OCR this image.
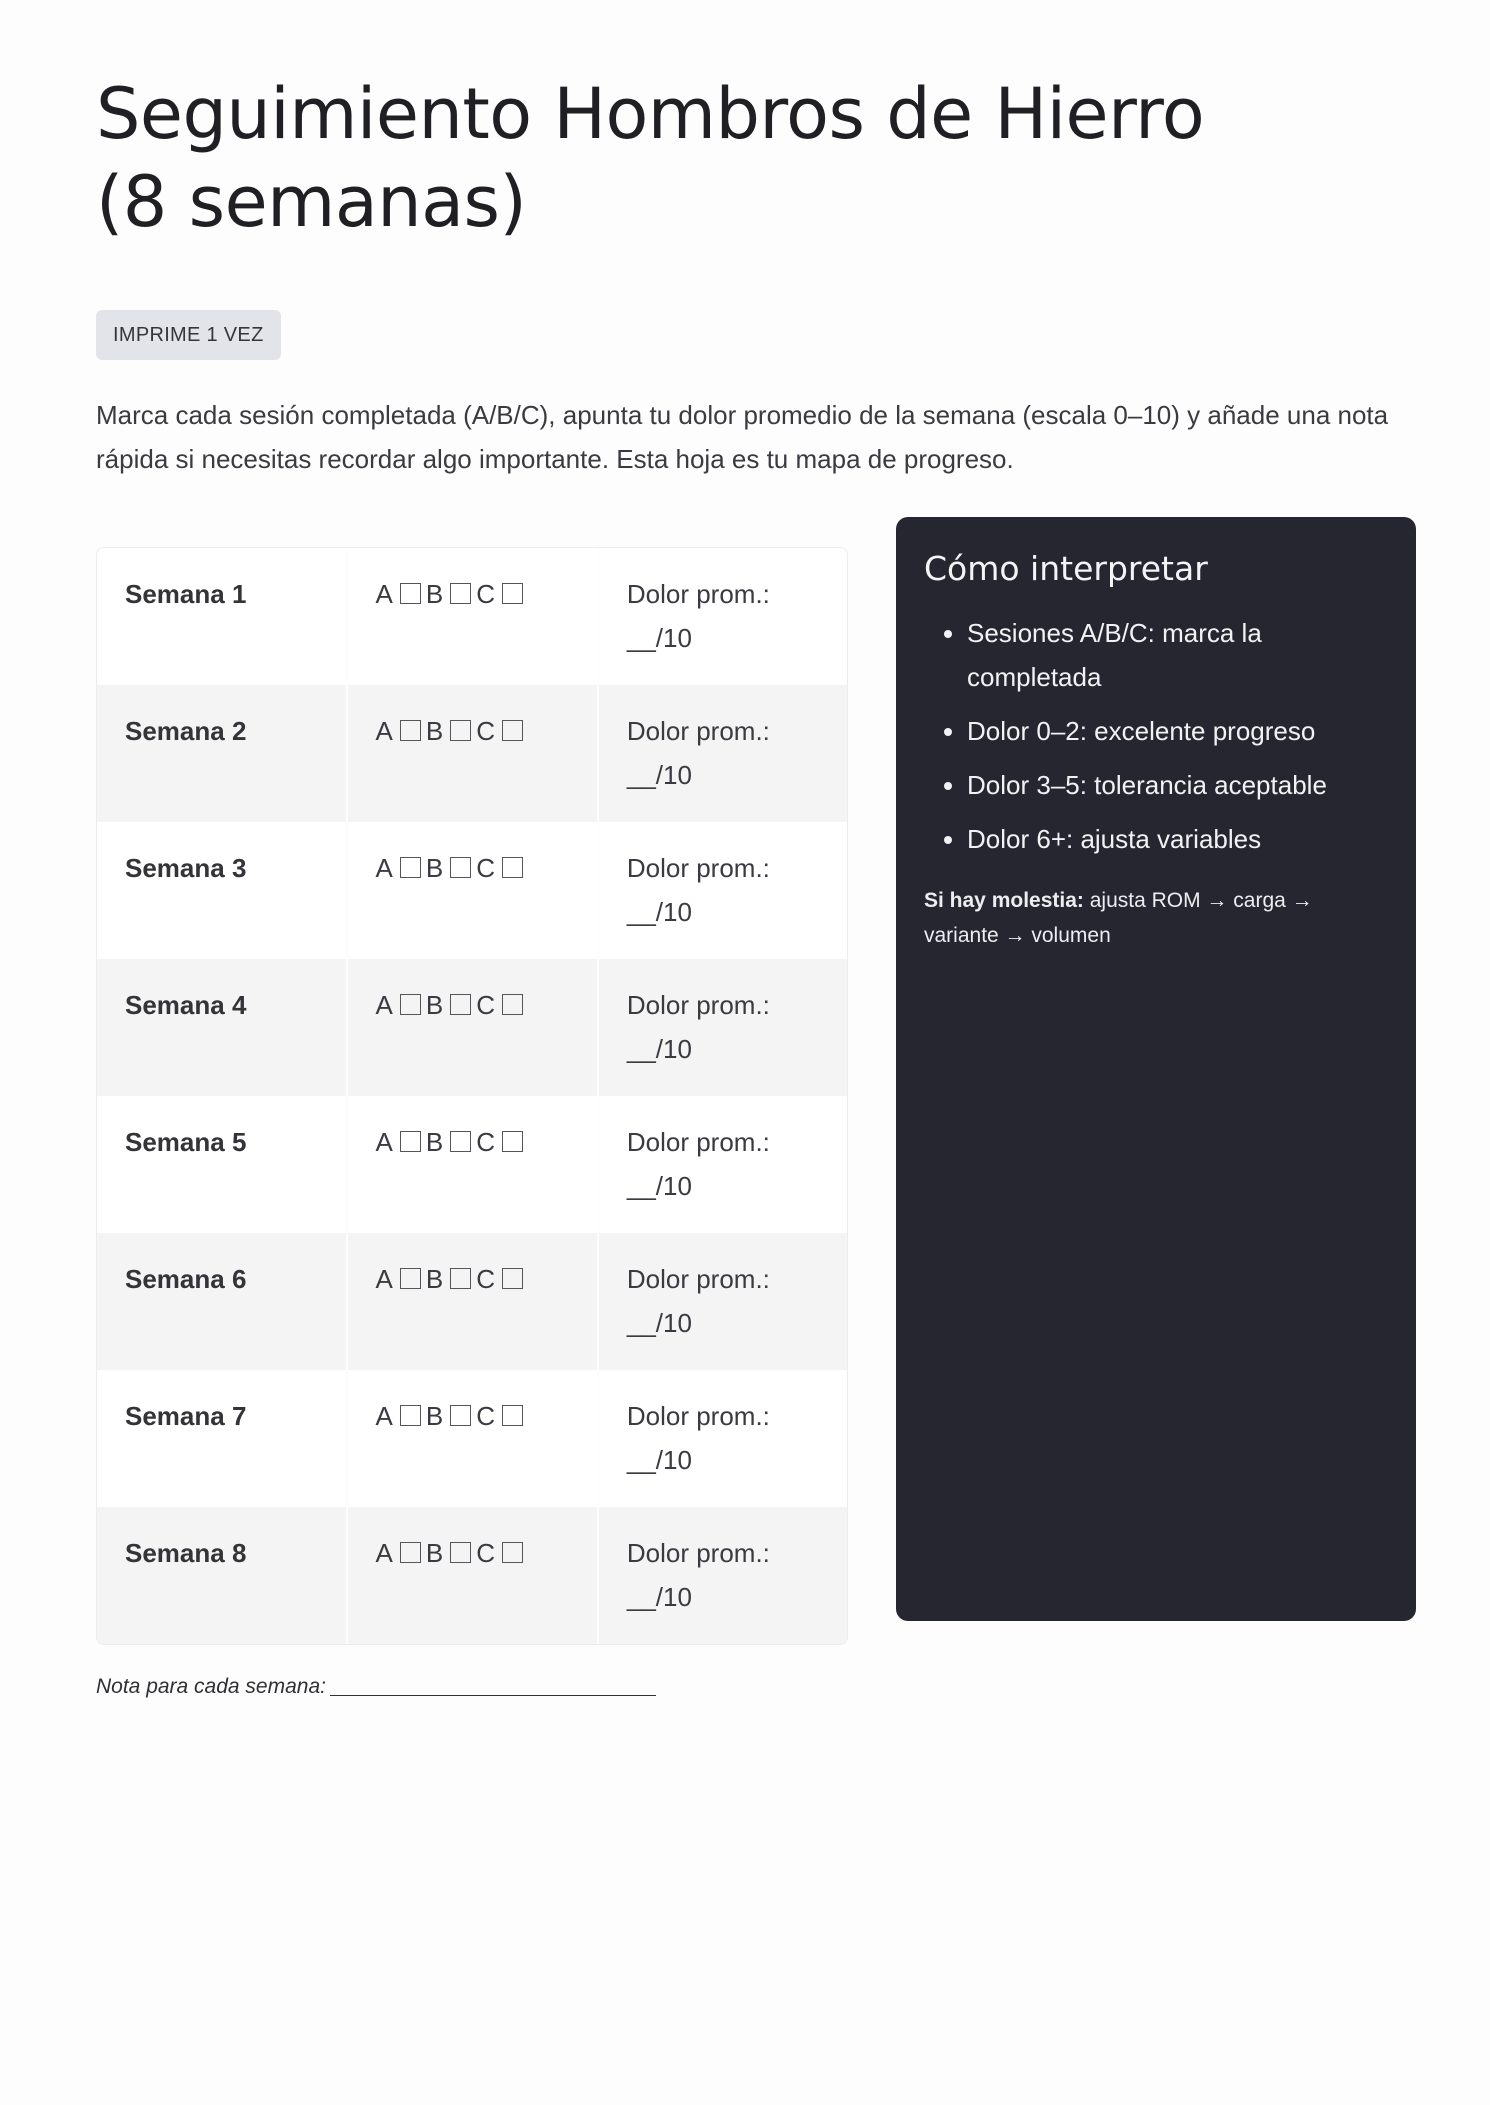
Seguimiento Hombros de Hierro (8 semanas)
IMPRIME 1 VEZ

Marca cada sesión completada (A/B/C), apunta tu dolor promedio de la semana (escala 0–10) y añade una nota rápida si necesitas recordar algo importante. Esta hoja es tu mapa de progreso.

Semana 1	A B C	Dolor prom.:
__/10

Semana 2	A B C	Dolor prom.:
__/10

Semana 3	A B C	Dolor prom.:
__/10

Semana 4	A B C	Dolor prom.:
__/10

Semana 5	A B C	Dolor prom.:
__/10

Semana 6	A B C	Dolor prom.:
__/10

Semana 7	A B C	Dolor prom.:
__/10

Semana 8	A B C	Dolor prom.:
__/10
Nota para cada semana:
Cómo interpretar
• Sesiones A/B/C: marca la completada
• Dolor 0–2: excelente progreso
• Dolor 3–5: tolerancia aceptable
• Dolor 6+: ajusta variables
Si hay molestia: ajusta ROM → carga → variante → volumen
